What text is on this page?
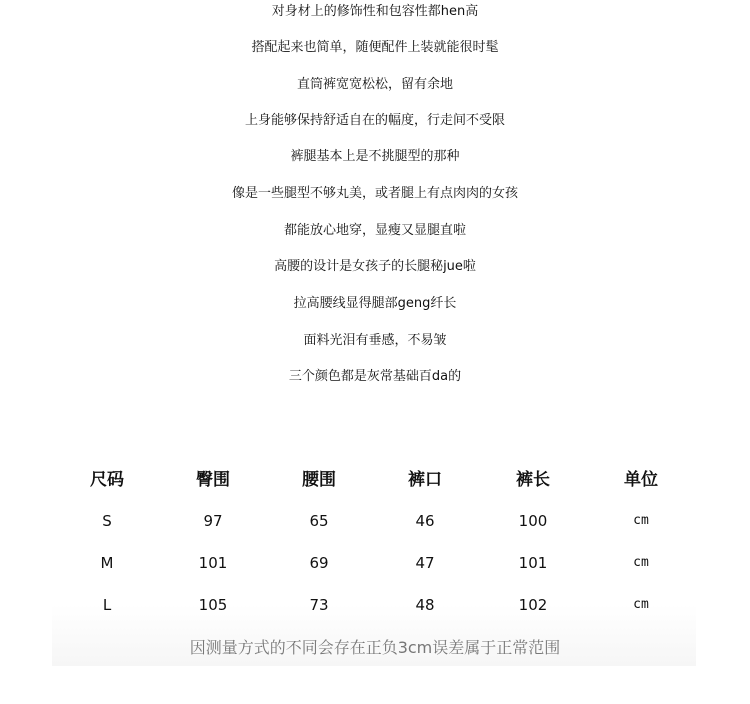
对身材上的修饰性和包容性都hen高
搭配起来也简单，随便配件上装就能很时髦
直筒裤宽宽松松，留有余地
上身能够保持舒适自在的幅度，行走间不受限
裤腿基本上是不挑腿型的那种
像是一些腿型不够丸美，或者腿上有点肉肉的女孩
都能放心地穿，显瘦又显腿直啦
高腰的设计是女孩子的长腿秘jue啦
拉高腰线显得腿部geng纤长
面料光泪有垂感，不易皱
三个颜色都是灰常基础百da的
尺码	臀围	腰围	裤口	裤长	单位
S	97	65	46	100	cm
M	101	69	47	101	cm
L	105	73	48	102	cm
因测量方式的不同会存在正负3cm误差属于正常范围
